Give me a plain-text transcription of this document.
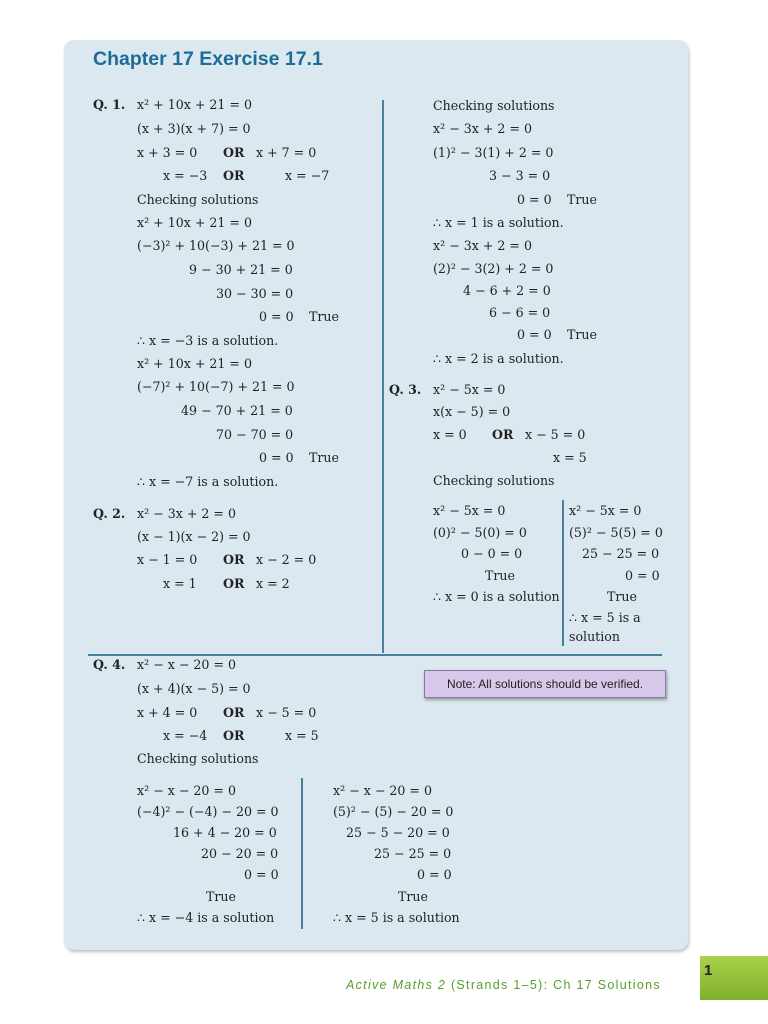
Chapter 17 Exercise 17.1
Q. 1. x² + 10x + 21 = 0
(x + 3)(x + 7) = 0
x + 3 = 0 OR x + 7 = 0
x = −3 OR	x = −7
Checking solutions
x² + 10x + 21 = 0
(−3)² + 10(−3) + 21 = 0
9 − 30 + 21 = 0
30 − 30 = 0
0 = 0 True
∴ x = −3 is a solution.
x² + 10x + 21 = 0
(−7)² + 10(−7) + 21 = 0
49 − 70 + 21 = 0
70 − 70 = 0
0 = 0 True
∴ x = −7 is a solution.
Q. 2. x² − 3x + 2 = 0
(x − 1)(x − 2) = 0
x − 1 = 0 OR x − 2 = 0
x = 1 OR x = 2
Checking solutions
x² − 3x + 2 = 0
(1)² − 3(1) + 2 = 0
3 − 3 = 0
0 = 0 True
∴ x = 1 is a solution.
x² − 3x + 2 = 0
(2)² − 3(2) + 2 = 0
4 − 6 + 2 = 0
6 − 6 = 0
0 = 0 True
∴ x = 2 is a solution.
Q. 3. x² − 5x = 0
x(x − 5) = 0
x = 0 OR x − 5 = 0
x = 5
Checking solutions
x² − 5x = 0
(0)² − 5(0) = 0
0 − 0 = 0
True
∴ x = 0 is a solution
x² − 5x = 0
(5)² − 5(5) = 0
25 − 25 = 0
0 = 0
True
∴ x = 5 is a
solution
Q. 4. x² − x − 20 = 0
(x + 4)(x − 5) = 0
x + 4 = 0 OR x − 5 = 0
x = −4 OR	x = 5
Checking solutions
x² − x − 20 = 0
(−4)² − (−4) − 20 = 0
16 + 4 − 20 = 0
20 − 20 = 0
0 = 0
True
∴ x = −4 is a solution
x² − x − 20 = 0
(5)² − (5) − 20 = 0
25 − 5 − 20 = 0
25 − 25 = 0
0 = 0
True
∴ x = 5 is a solution
Note: All solutions should be verified.
Active Maths 2 (Strands 1–5): Ch 17 Solutions
1
